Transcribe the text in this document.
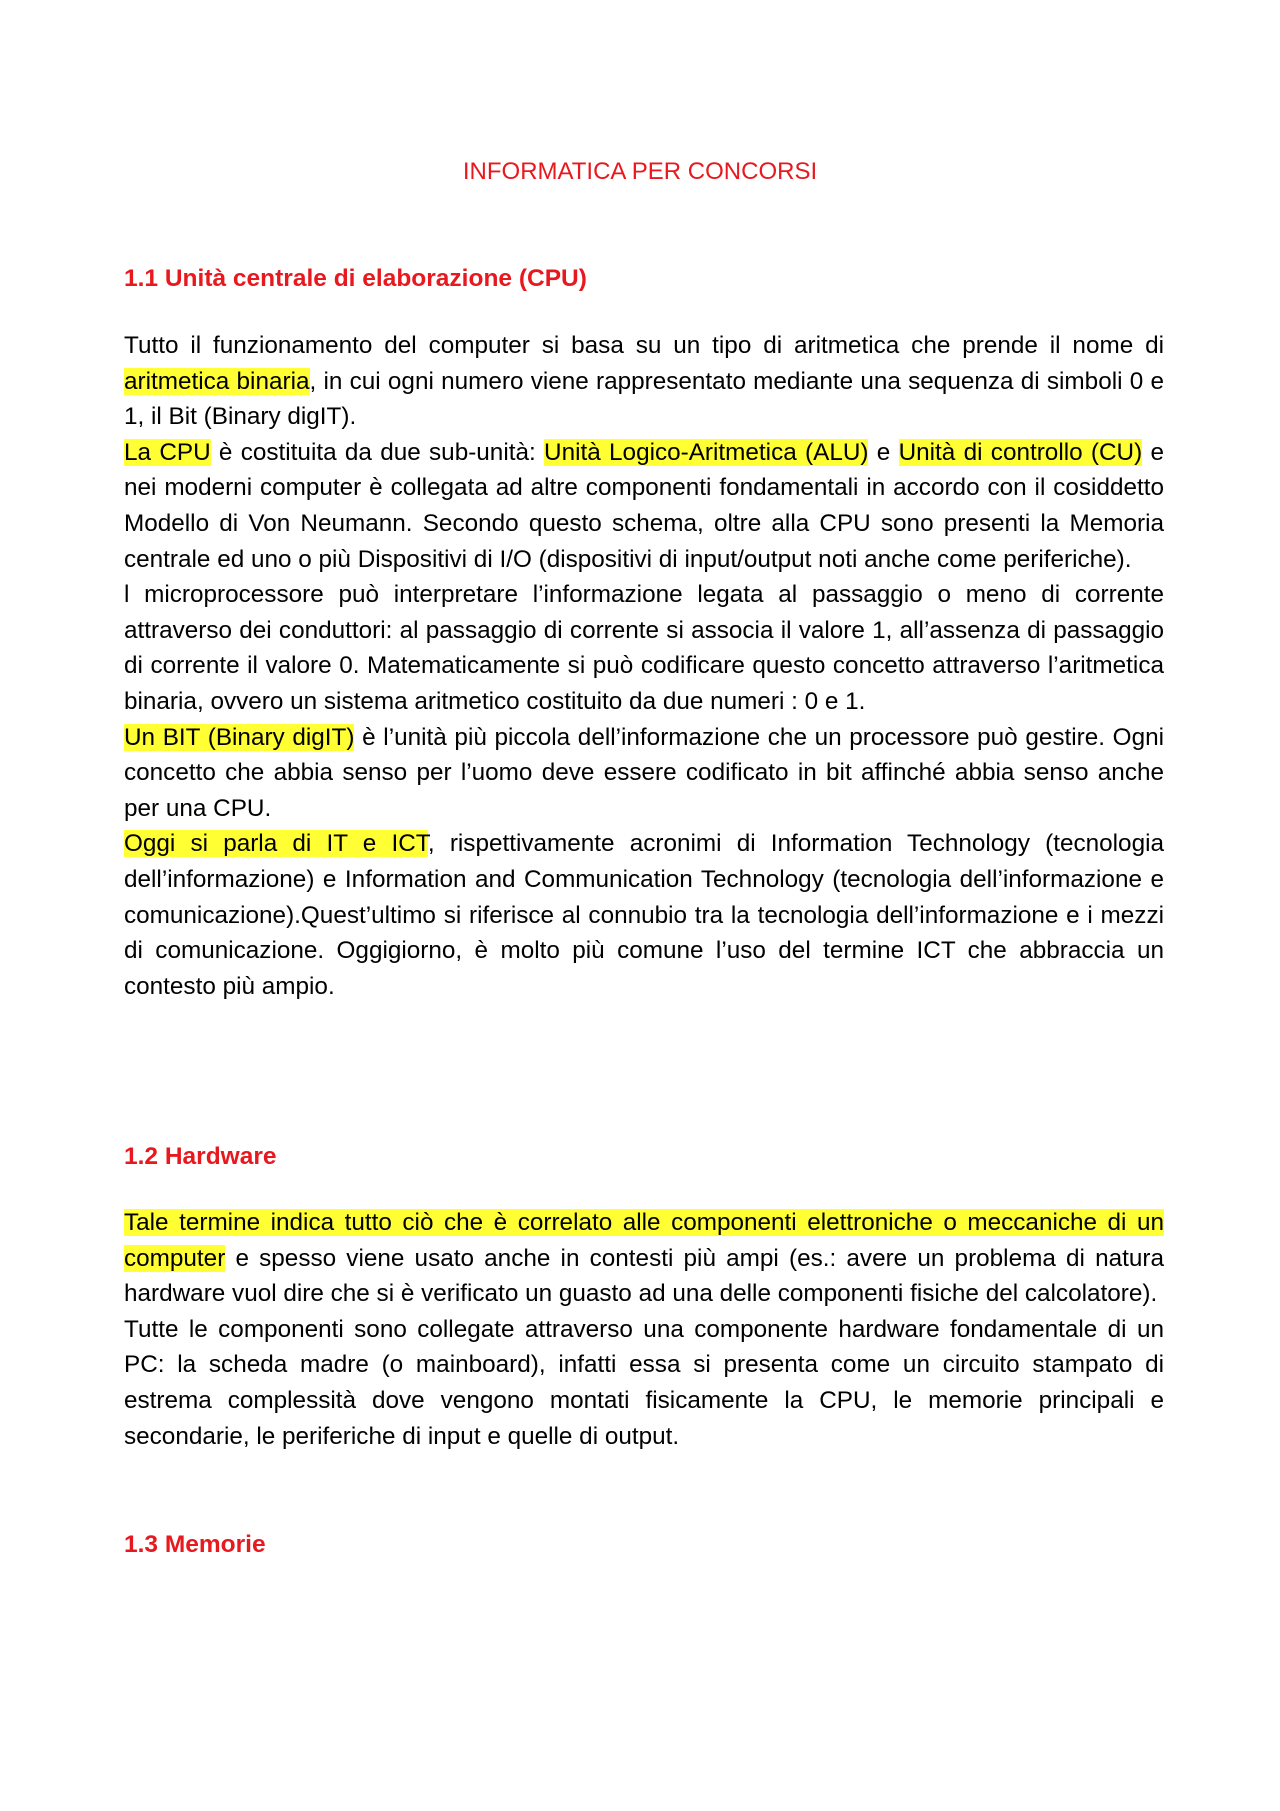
INFORMATICA PER CONCORSI
1.1 Unità centrale di elaborazione (CPU)

Tutto il funzionamento del computer si basa su un tipo di aritmetica che prende il nome di aritmetica binaria, in cui ogni numero viene rappresentato mediante una sequenza di simboli 0 e 1, il Bit (Binary digIT).

La CPU è costituita da due sub-unità: Unità Logico-Aritmetica (ALU) e Unità di controllo (CU) e nei moderni computer è collegata ad altre componenti fondamentali in accordo con il cosiddetto Modello di Von Neumann. Secondo questo schema, oltre alla CPU sono presenti la Memoria centrale ed uno o più Dispositivi di I/O (dispositivi di input/output noti anche come periferiche).

l microprocessore può interpretare l’informazione legata al passaggio o meno di corrente attraverso dei conduttori: al passaggio di corrente si associa il valore 1, all’assenza di passaggio di corrente il valore 0. Matematicamente si può codificare questo concetto attraverso l’aritmetica binaria, ovvero un sistema aritmetico costituito da due numeri : 0 e 1.

Un BIT (Binary digIT) è l’unità più piccola dell’informazione che un processore può gestire. Ogni concetto che abbia senso per l’uomo deve essere codificato in bit affinché abbia senso anche per una CPU.

Oggi si parla di IT e ICT, rispettivamente acronimi di Information Technology (tecnologia dell’informazione) e Information and Communication Technology (tecnologia dell’informazione e comunicazione).Quest’ultimo si riferisce al connubio tra la tecnologia dell’informazione e i mezzi di comunicazione. Oggigiorno, è molto più comune l’uso del termine ICT che abbraccia un contesto più ampio.

1.2 Hardware

Tale termine indica tutto ciò che è correlato alle componenti elettroniche o meccaniche di un computer e spesso viene usato anche in contesti più ampi (es.: avere un problema di natura hardware vuol dire che si è verificato un guasto ad una delle componenti fisiche del calcolatore).

Tutte le componenti sono collegate attraverso una componente hardware fondamentale di un PC: la scheda madre (o mainboard), infatti essa si presenta come un circuito stampato di estrema complessità dove vengono montati fisicamente la CPU, le memorie principali e secondarie, le periferiche di input e quelle di output.

1.3 Memorie
